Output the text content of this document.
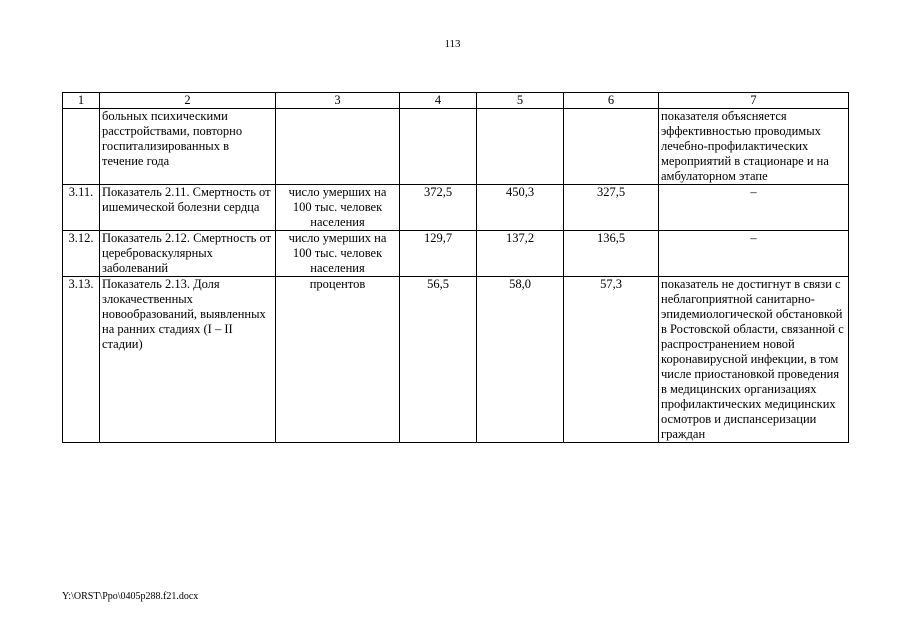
113
1	2	3	4	5	6	7
	больных психическими расстройствами, повторно госпитализированных в течение года					показателя объясняется эффективностью проводимых лечебно-профилактических мероприятий в стационаре и на амбулаторном этапе
3.11.	Показатель 2.11. Смертность от ишемической болезни сердца	число умерших на 100 тыс. человек населения	372,5	450,3	327,5	–
3.12.	Показатель 2.12. Смертность от цереброваскулярных заболеваний	число умерших на 100 тыс. человек населения	129,7	137,2	136,5	–
3.13.	Показатель 2.13. Доля злокачественных новообразований, выявленных на ранних стадиях (I – II стадии)	процентов	56,5	58,0	57,3	показатель не достигнут в связи с неблагоприятной санитарно-эпидемиологической обстановкой в Ростовской области, связанной с распространением новой коронавирусной инфекции, в том числе приостановкой проведения в медицинских организациях профилактических медицинских осмотров и диспансеризации граждан
Y:\ORST\Ppo\0405p288.f21.docx
